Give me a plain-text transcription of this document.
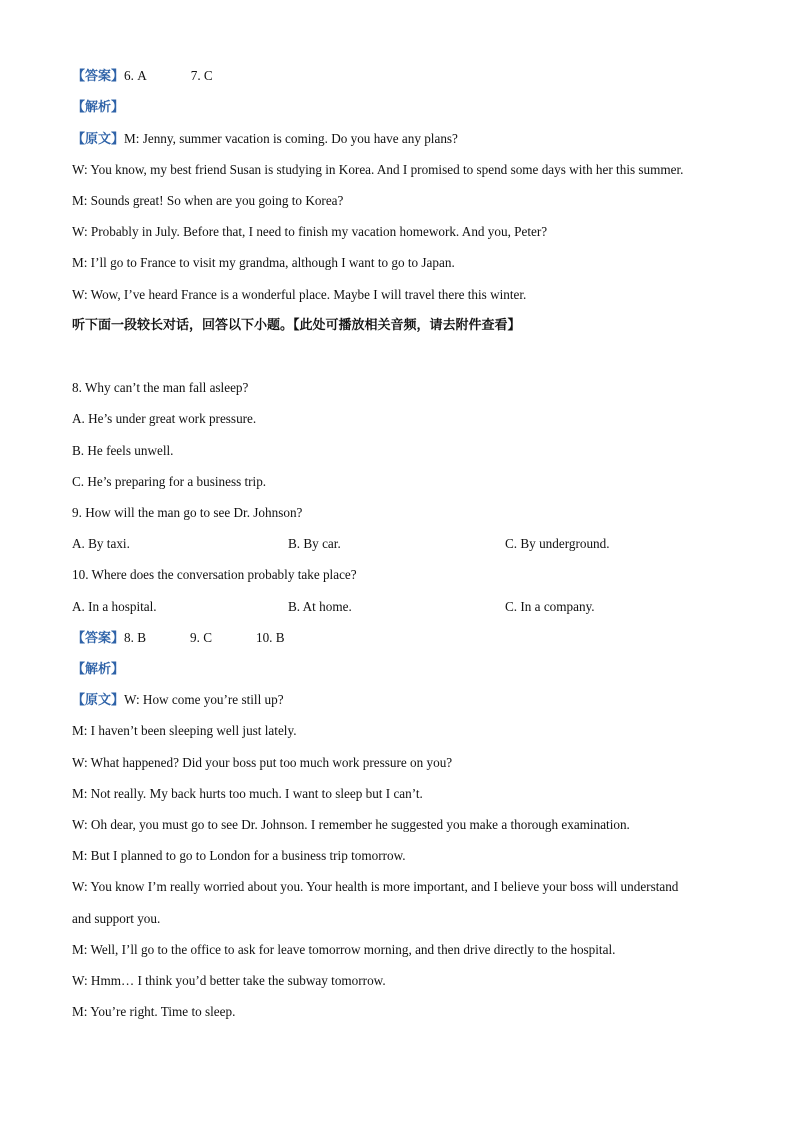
【答案】6. A	7. C
【解析】
【原文】M: Jenny, summer vacation is coming. Do you have any plans?
W: You know, my best friend Susan is studying in Korea. And I promised to spend some days with her this summer.
M: Sounds great! So when are you going to Korea?
W: Probably in July. Before that, I need to finish my vacation homework. And you, Peter?
M: I’ll go to France to visit my grandma, although I want to go to Japan.
W: Wow, I’ve heard France is a wonderful place. Maybe I will travel there this winter.
听下面一段较长对话，回答以下小题。【此处可播放相关音频，请去附件查看】
8. Why can’t the man fall asleep?
A. He’s under great work pressure.
B. He feels unwell.
C. He’s preparing for a business trip.
9. How will the man go to see Dr. Johnson?
A. By taxi.	B. By car.	C. By underground.
10. Where does the conversation probably take place?
A. In a hospital.	B. At home.	C. In a company.
【答案】8. B	9. C	10. B
【解析】
【原文】W: How come you’re still up?
M: I haven’t been sleeping well just lately.
W: What happened? Did your boss put too much work pressure on you?
M: Not really. My back hurts too much. I want to sleep but I can’t.
W: Oh dear, you must go to see Dr. Johnson. I remember he suggested you make a thorough examination.
M: But I planned to go to London for a business trip tomorrow.
W: You know I’m really worried about you. Your health is more important, and I believe your boss will understand
and support you.
M: Well, I’ll go to the office to ask for leave tomorrow morning, and then drive directly to the hospital.
W: Hmm… I think you’d better take the subway tomorrow.
M: You’re right. Time to sleep.
